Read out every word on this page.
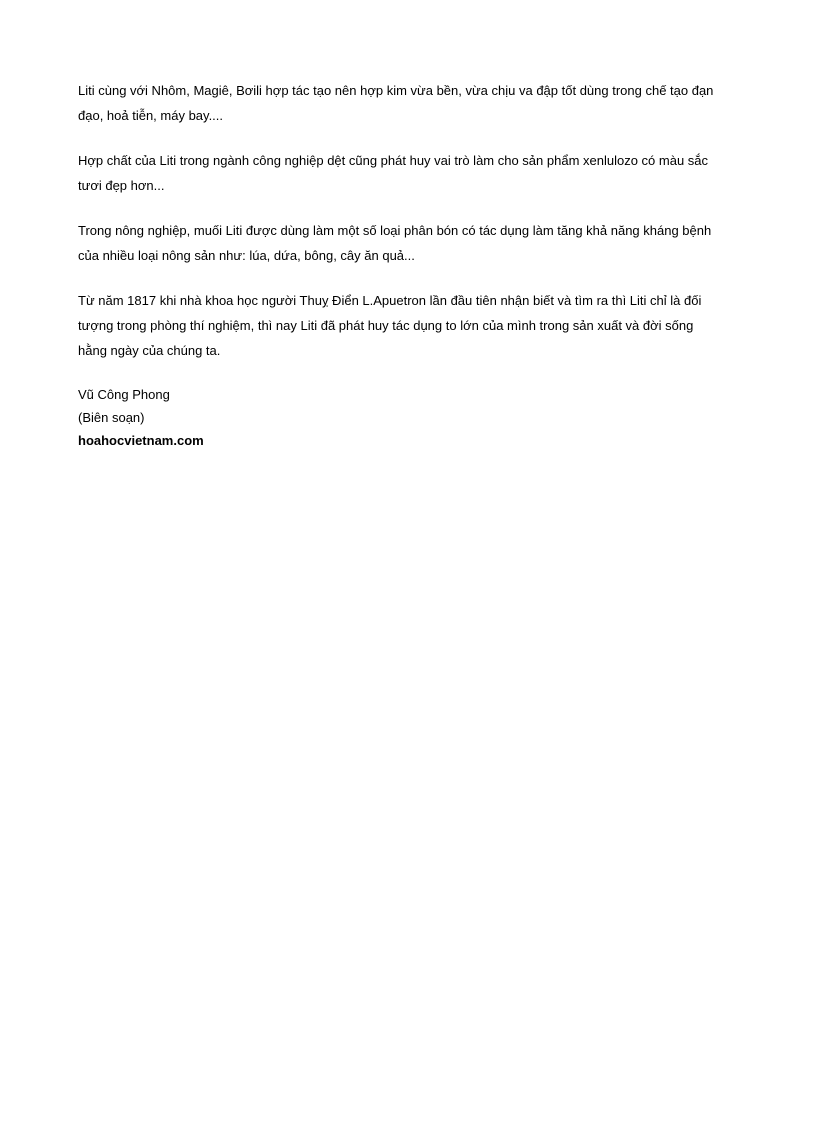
Liti cùng với Nhôm, Magiê, Bơili hợp tác tạo nên hợp kim vừa bền, vừa chịu va đập tốt dùng trong chế tạo đạn
đạo, hoả tiễn, máy bay....

Hợp chất của Liti trong ngành công nghiệp dệt cũng phát huy vai trò làm cho sản phẩm xenlulozo có màu sắc
tươi đẹp hơn...

Trong nông nghiệp, muối Liti được dùng làm một số loại phân bón có tác dụng làm tăng khả năng kháng bệnh
của nhiều loại nông sản như: lúa, dứa, bông, cây ăn quả...

Từ năm 1817 khi nhà khoa học người Thuỵ Điển L.Apuetron lần đầu tiên nhận biết và tìm ra thì Liti chỉ là đối
tượng trong phòng thí nghiệm, thì nay Liti đã phát huy tác dụng to lớn của mình trong sản xuất và đời sống
hằng ngày của chúng ta.

Vũ Công Phong
(Biên soạn)
hoahocvietnam.com
